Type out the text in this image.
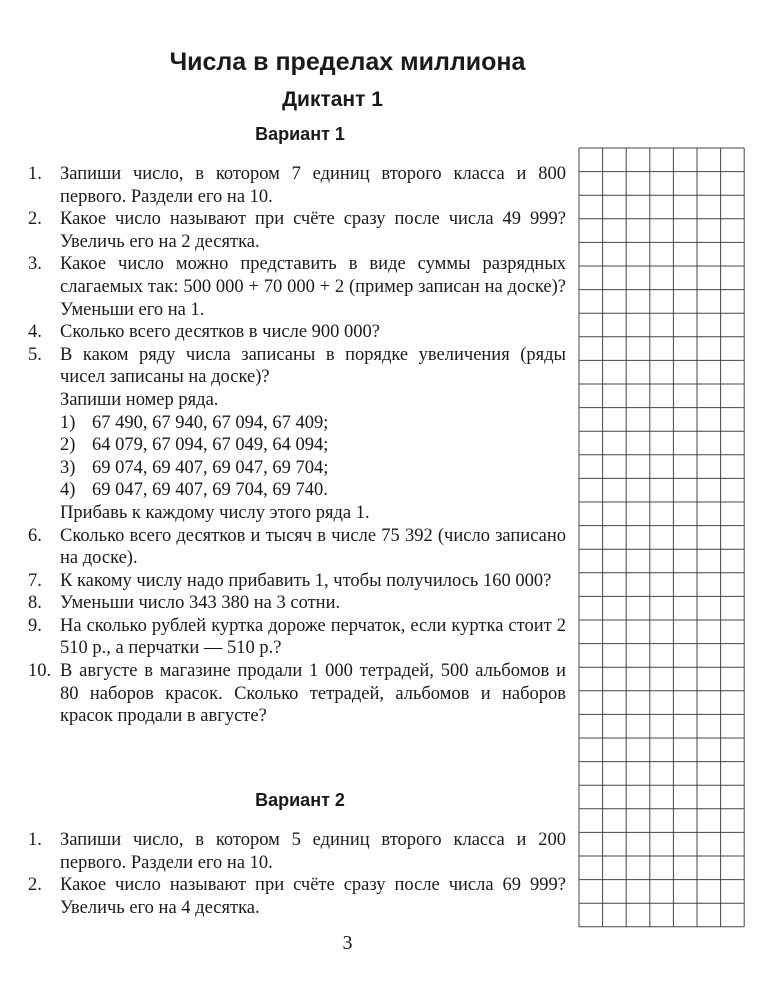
Числа в пределах миллиона
Диктант 1
Вариант 1
1. Запиши число, в котором 7 единиц второго класса и 800 первого. Раздели его на 10.
2. Какое число называют при счёте сразу после числа 49 999? Увеличь его на 2 десятка.
3. Какое число можно представить в виде суммы разрядных слагаемых так: 500 000 + 70 000 + 2 (пример записан на доске)? Уменьши его на 1.
4. Сколько всего десятков в числе 900 000?
5. В каком ряду числа записаны в порядке увеличения (ряды чисел записаны на доске)?
Запиши номер ряда.
1) 67 490, 67 940, 67 094, 67 409;
2) 64 079, 67 094, 67 049, 64 094;
3) 69 074, 69 407, 69 047, 69 704;
4) 69 047, 69 407, 69 704, 69 740.
Прибавь к каждому числу этого ряда 1.
6. Сколько всего десятков и тысяч в числе 75 392 (число записано на доске).
7. К какому числу надо прибавить 1, чтобы получилось 160 000?
8. Уменьши число 343 380 на 3 сотни.
9. На сколько рублей куртка дороже перчаток, если куртка стоит 2 510 р., а перчатки — 510 р.?
10. В августе в магазине продали 1 000 тетрадей, 500 альбомов и 80 наборов красок. Сколько тетрадей, альбомов и наборов красок продали в августе?
Вариант 2
1. Запиши число, в котором 5 единиц второго класса и 200 первого. Раздели его на 10.
2. Какое число называют при счёте сразу после числа 69 999? Увеличь его на 4 десятка.
3
